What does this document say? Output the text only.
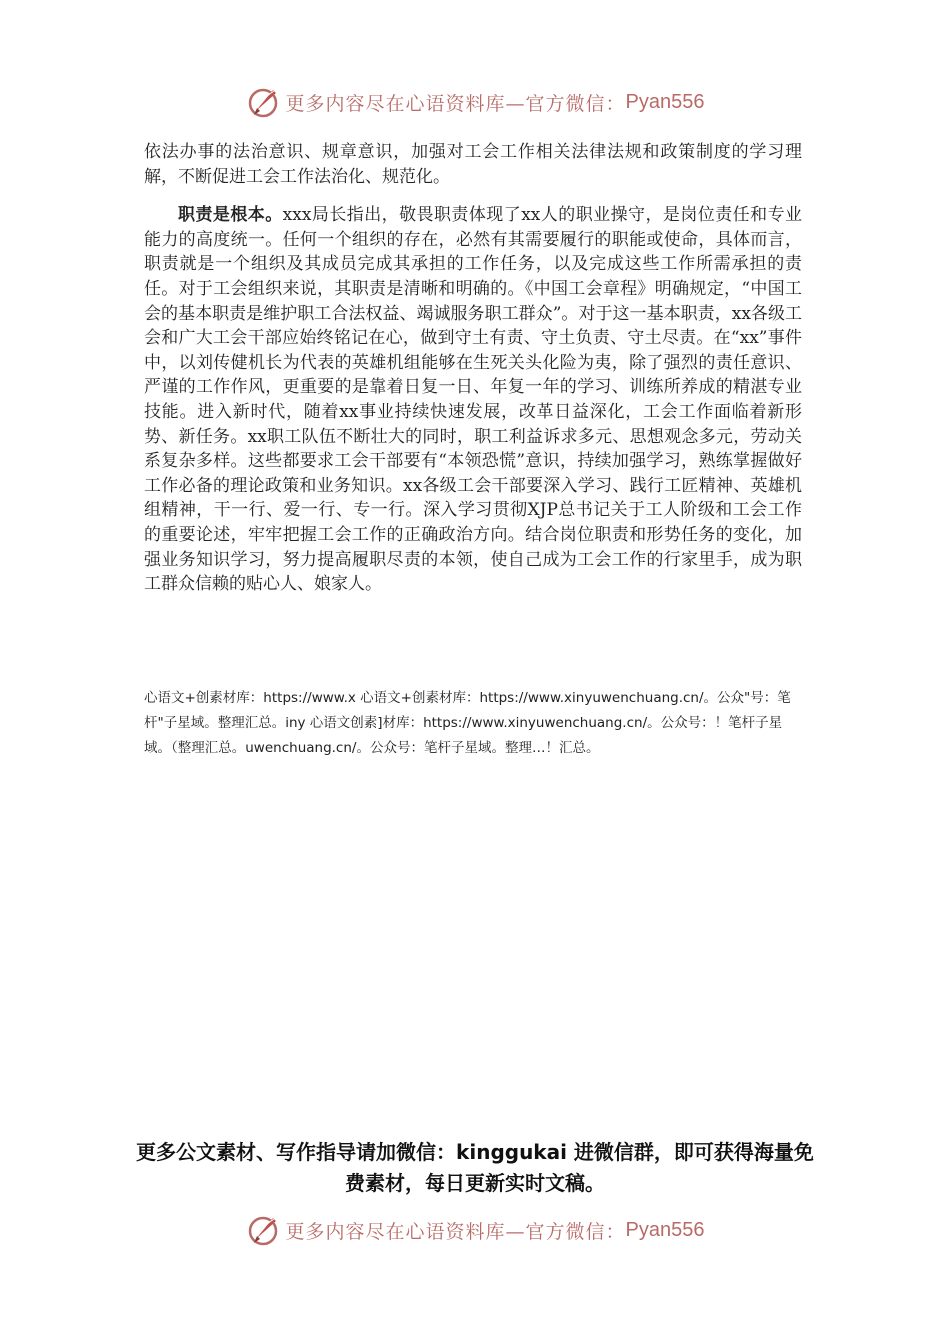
更多内容尽在心语资料库—官方微信： Pyan556

依法办事的法治意识、规章意识，加强对工会工作相关法律法规和政策制度的学习理解，不断促进工会工作法治化、规范化。

职责是根本。xxx局长指出，敬畏职责体现了xx人的职业操守，是岗位责任和专业能力的高度统一。任何一个组织的存在，必然有其需要履行的职能或使命，具体而言，职责就是一个组织及其成员完成其承担的工作任务，以及完成这些工作所需承担的责任。对于工会组织来说，其职责是清晰和明确的。《中国工会章程》明确规定，“中国工会的基本职责是维护职工合法权益、竭诚服务职工群众”。对于这一基本职责，xx各级工会和广大工会干部应始终铭记在心，做到守土有责、守土负责、守土尽责。在“xx”事件中，以刘传健机长为代表的英雄机组能够在生死关头化险为夷，除了强烈的责任意识、严谨的工作作风，更重要的是靠着日复一日、年复一年的学习、训练所养成的精湛专业技能。进入新时代，随着xx事业持续快速发展，改革日益深化，工会工作面临着新形势、新任务。xx职工队伍不断壮大的同时，职工利益诉求多元、思想观念多元，劳动关系复杂多样。这些都要求工会干部要有“本领恐慌”意识，持续加强学习，熟练掌握做好工作必备的理论政策和业务知识。xx各级工会干部要深入学习、践行工匠精神、英雄机组精神，干一行、爱一行、专一行。深入学习贯彻XJP总书记关于工人阶级和工会工作的重要论述，牢牢把握工会工作的正确政治方向。结合岗位职责和形势任务的变化，加强业务知识学习，努力提高履职尽责的本领，使自己成为工会工作的行家里手，成为职工群众信赖的贴心人、娘家人。

心语文+创素材库：https://www.x 心语文+创素材库：https://www.xinyuwenchuang.cn/。公众"号：笔杆"子星域。整理汇总。iny 心语文创素]材库：https://www.xinyuwenchuang.cn/。公众号：！笔杆子星域。（整理汇总。uwenchuang.cn/。公众号：笔杆子星域。整理…！汇总。
更多公文素材、写作指导请加微信：kinggukai 进微信群，即可获得海量免费素材，每日更新实时文稿。
更多内容尽在心语资料库—官方微信： Pyan556
